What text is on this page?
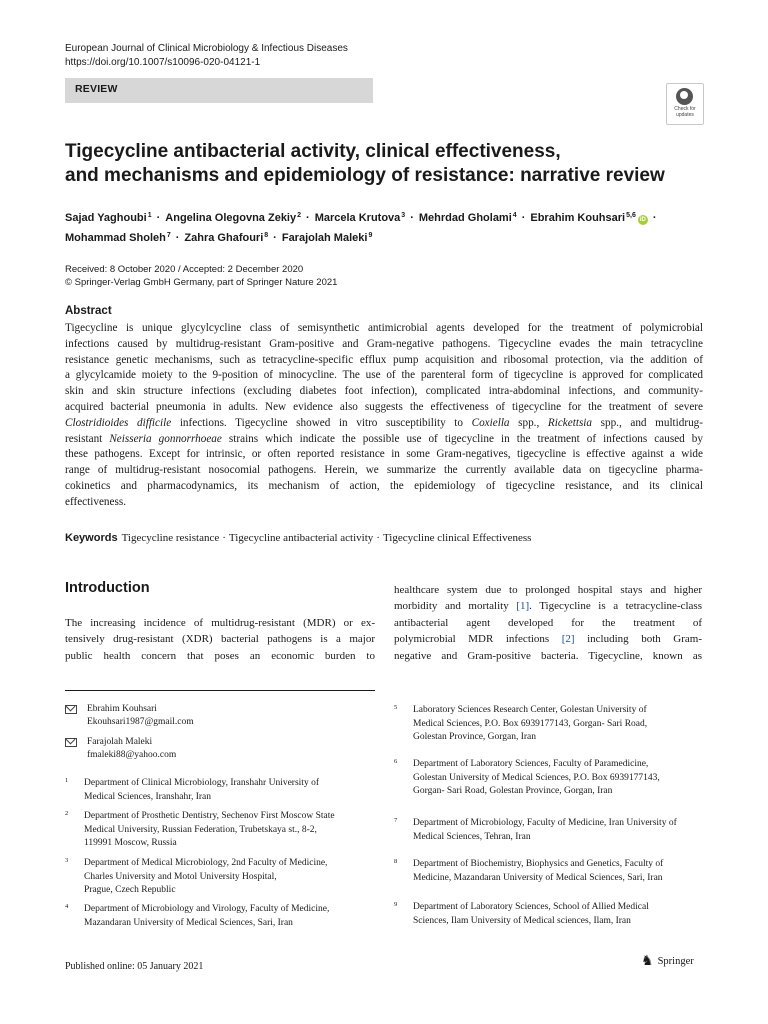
European Journal of Clinical Microbiology & Infectious Diseases
https://doi.org/10.1007/s10096-020-04121-1
REVIEW
Check for
updates
Tigecycline antibacterial activity, clinical effectiveness,
and mechanisms and epidemiology of resistance: narrative review
Sajad Yaghoubi$^1$ · Angelina Olegovna Zekiy$^2$ · Marcela Krutova$^3$ · Mehrdad Gholami$^4$ · Ebrahim Kouhsari$^{5,6}$iD ·
Mohammad Sholeh$^7$ · Zahra Ghafouri$^8$ · Farajolah Maleki$^9$
Received: 8 October 2020 / Accepted: 2 December 2020
© Springer-Verlag GmbH Germany, part of Springer Nature 2021
Abstract
Tigecycline is unique glycylcycline class of semisynthetic antimicrobial agents developed for the treatment of polymicrobial
infections caused by multidrug-resistant Gram-positive and Gram-negative pathogens. Tigecycline evades the main tetracycline
resistance genetic mechanisms, such as tetracycline-specific efflux pump acquisition and ribosomal protection, via the addition of
a glycylcamide moiety to the 9-position of minocycline. The use of the parenteral form of tigecycline is approved for complicated
skin and skin structure infections (excluding diabetes foot infection), complicated intra-abdominal infections, and community-
acquired bacterial pneumonia in adults. New evidence also suggests the effectiveness of tigecycline for the treatment of severe
Clostridioides difficile infections. Tigecycline showed in vitro susceptibility to Coxiella spp., Rickettsia spp., and multidrug-
resistant Neisseria gonnorrhoeae strains which indicate the possible use of tigecycline in the treatment of infections caused by
these pathogens. Except for intrinsic, or often reported resistance in some Gram-negatives, tigecycline is effective against a wide
range of multidrug-resistant nosocomial pathogens. Herein, we summarize the currently available data on tigecycline pharma-
cokinetics and pharmacodynamics, its mechanism of action, the epidemiology of tigecycline resistance, and its clinical
effectiveness.
Keywords Tigecycline resistance · Tigecycline antibacterial activity · Tigecycline clinical Effectiveness
Introduction
The increasing incidence of multidrug-resistant (MDR) or ex-
tensively drug-resistant (XDR) bacterial pathogens is a major
public health concern that poses an economic burden to
healthcare system due to prolonged hospital stays and higher
morbidity and mortality [1]. Tigecycline is a tetracycline-class
antibacterial agent developed for the treatment of
polymicrobial MDR infections [2] including both Gram-
negative and Gram-positive bacteria. Tigecycline, known as
Ebrahim Kouhsari
Ekouhsari1987@gmail.com
Farajolah Maleki
fmaleki88@yahoo.com
1 Department of Clinical Microbiology, Iranshahr University of
Medical Sciences, Iranshahr, Iran
2 Department of Prosthetic Dentistry, Sechenov First Moscow State
Medical University, Russian Federation, Trubetskaya st., 8-2,
119991 Moscow, Russia
3 Department of Medical Microbiology, 2nd Faculty of Medicine,
Charles University and Motol University Hospital,
Prague, Czech Republic
4 Department of Microbiology and Virology, Faculty of Medicine,
Mazandaran University of Medical Sciences, Sari, Iran
5 Laboratory Sciences Research Center, Golestan University of
Medical Sciences, P.O. Box 6939177143, Gorgan- Sari Road,
Golestan Province, Gorgan, Iran
6 Department of Laboratory Sciences, Faculty of Paramedicine,
Golestan University of Medical Sciences, P.O. Box 6939177143,
Gorgan- Sari Road, Golestan Province, Gorgan, Iran
7 Department of Microbiology, Faculty of Medicine, Iran University of
Medical Sciences, Tehran, Iran
8 Department of Biochemistry, Biophysics and Genetics, Faculty of
Medicine, Mazandaran University of Medical Sciences, Sari, Iran
9 Department of Laboratory Sciences, School of Allied Medical
Sciences, Ilam University of Medical sciences, Ilam, Iran
Published online: 05 January 2021	♞ Springer
